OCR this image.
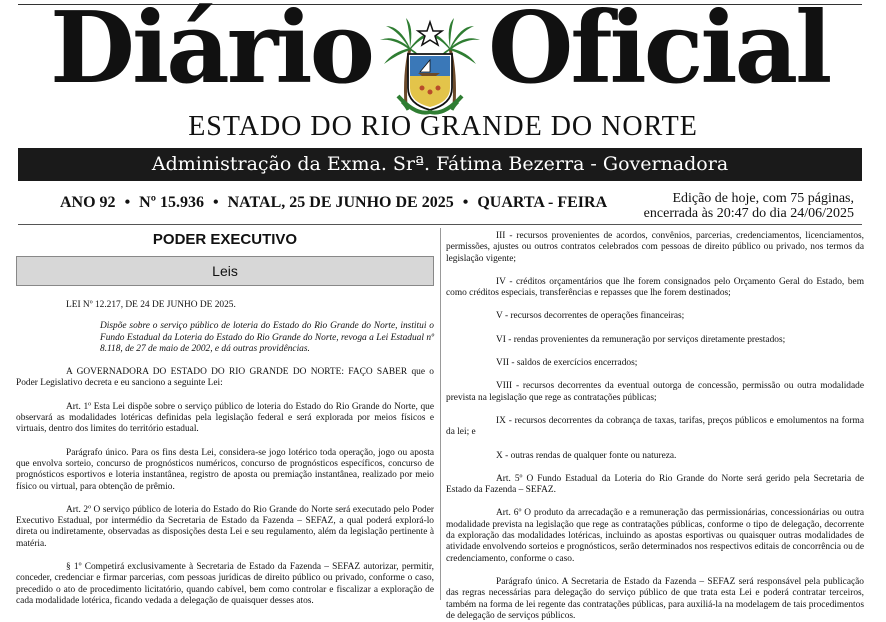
Diário Oficial
ESTADO DO RIO GRANDE DO NORTE
Administração da Exma. Srª. Fátima Bezerra - Governadora
ANO 92 • Nº 15.936 • NATAL, 25 DE JUNHO DE 2025 • QUARTA - FEIRA	Edição de hoje, com 75 páginas,
encerrada às 20:47 do dia 24/06/2025
PODER EXECUTIVO
Leis

LEI Nº 12.217, DE 24 DE JUNHO DE 2025.

Dispõe sobre o serviço público de loteria do Estado do Rio Grande do Norte, institui o Fundo Estadual da Loteria do Estado do Rio Grande do Norte, revoga a Lei Estadual nº 8.118, de 27 de maio de 2002, e dá outras providências.

A GOVERNADORA DO ESTADO DO RIO GRANDE DO NORTE: FAÇO SABER que o Poder Legislativo decreta e eu sanciono a seguinte Lei:

Art. 1º Esta Lei dispõe sobre o serviço público de loteria do Estado do Rio Grande do Norte, que observará as modalidades lotéricas definidas pela legislação federal e será explorada por meios físicos e virtuais, dentro dos limites do território estadual.

Parágrafo único. Para os fins desta Lei, considera-se jogo lotérico toda operação, jogo ou aposta que envolva sorteio, concurso de prognósticos numéricos, concurso de prognósticos específicos, concurso de prognósticos esportivos e loteria instantânea, registro de aposta ou premiação instantânea, realizado por meio físico ou virtual, para obtenção de prêmio.

Art. 2º O serviço público de loteria do Estado do Rio Grande do Norte será executado pelo Poder Executivo Estadual, por intermédio da Secretaria de Estado da Fazenda – SEFAZ, a qual poderá explorá-lo direta ou indiretamente, observadas as disposições desta Lei e seu regulamento, além da legislação pertinente à matéria.

§ 1º Competirá exclusivamente à Secretaria de Estado da Fazenda – SEFAZ autorizar, permitir, conceder, credenciar e firmar parcerias, com pessoas jurídicas de direito público ou privado, conforme o caso, precedido o ato de procedimento licitatório, quando cabível, bem como controlar e fiscalizar a exploração de cada modalidade lotérica, ficando vedada a delegação de quaisquer desses atos.

III - recursos provenientes de acordos, convênios, parcerias, credenciamentos, licenciamentos, permissões, ajustes ou outros contratos celebrados com pessoas de direito público ou privado, nos termos da legislação vigente;

IV - créditos orçamentários que lhe forem consignados pelo Orçamento Geral do Estado, bem como créditos especiais, transferências e repasses que lhe forem destinados;

V - recursos decorrentes de operações financeiras;

VI - rendas provenientes da remuneração por serviços diretamente prestados;

VII - saldos de exercícios encerrados;

VIII - recursos decorrentes da eventual outorga de concessão, permissão ou outra modalidade prevista na legislação que rege as contratações públicas;

IX - recursos decorrentes da cobrança de taxas, tarifas, preços públicos e emolumentos na forma da lei; e

X - outras rendas de qualquer fonte ou natureza.

Art. 5º O Fundo Estadual da Loteria do Rio Grande do Norte será gerido pela Secretaria de Estado da Fazenda – SEFAZ.

Art. 6º O produto da arrecadação e a remuneração das permissionárias, concessionárias ou outra modalidade prevista na legislação que rege as contratações públicas, conforme o tipo de delegação, decorrente da exploração das modalidades lotéricas, incluindo as apostas esportivas ou quaisquer outras modalidades de atividade envolvendo sorteios e prognósticos, serão determinados nos respectivos editais de concorrência ou de credenciamento, conforme o caso.

Parágrafo único. A Secretaria de Estado da Fazenda – SEFAZ será responsável pela publicação das regras necessárias para delegação do serviço público de que trata esta Lei e poderá contratar terceiros, também na forma de lei regente das contratações públicas, para auxiliá-la na modelagem de tais procedimentos de delegação de serviços públicos.
